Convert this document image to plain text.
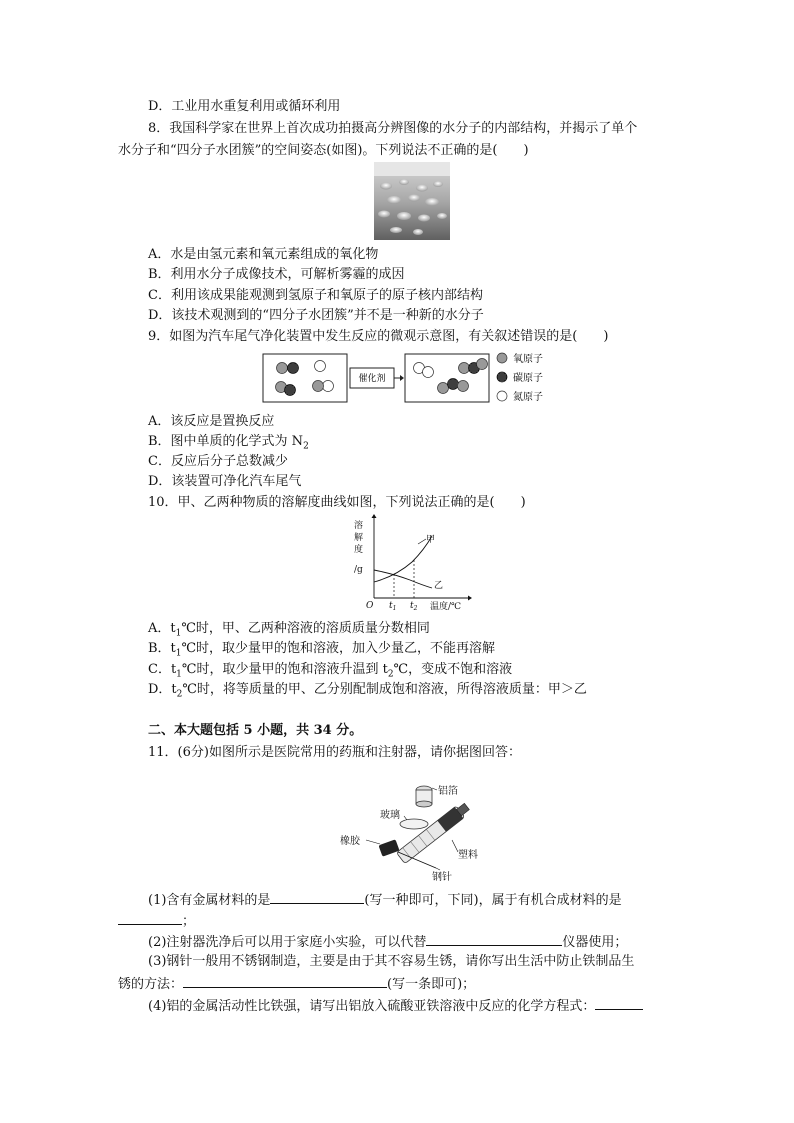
D．工业用水重复利用或循环利用
8．我国科学家在世界上首次成功拍摄高分辨图像的水分子的内部结构，并揭示了单个
水分子和“四分子水团簇”的空间姿态(如图)。下列说法不正确的是(　　)
A．水是由氢元素和氧元素组成的氧化物
B．利用水分子成像技术，可解析雾霾的成因
C．利用该成果能观测到氢原子和氧原子的原子核内部结构
D．该技术观测到的“四分子水团簇”并不是一种新的水分子
9．如图为汽车尾气净化装置中发生反应的微观示意图，有关叙述错误的是(　　)
催化剂
氧原子
碳原子
氮原子
A．该反应是置换反应
B．图中单质的化学式为 $N_2$
C．反应后分子总数减少
D．该装置可净化汽车尾气
10．甲、乙两种物质的溶解度曲线如图，下列说法正确的是(　　)
溶
解
度
/g
O $t_1$ $t_2$ 温度/℃
甲
乙
A．$t_1℃$时，甲、乙两种溶液的溶质质量分数相同
B．$t_1℃$时，取少量甲的饱和溶液，加入少量乙，不能再溶解
C．$t_1℃$时，取少量甲的饱和溶液升温到 $t_2℃$，变成不饱和溶液
D．$t_2℃$时，将等质量的甲、乙分别配制成饱和溶液，所得溶液质量：甲＞乙
二、本大题包括 5 小题，共 34 分。
11．(6分)如图所示是医院常用的药瓶和注射器，请你据图回答：
铝箔
玻璃
橡胶
塑料
钢针
(1)含有金属材料的是	(写一种即可，下同)，属于有机合成材料的是
；
(2)注射器洗净后可以用于家庭小实验，可以代替	仪器使用；
(3)钢针一般用不锈钢制造，主要是由于其不容易生锈，请你写出生活中防止铁制品生
锈的方法：	(写一条即可)；
(4)铝的金属活动性比铁强，请写出铝放入硫酸亚铁溶液中反应的化学方程式：
